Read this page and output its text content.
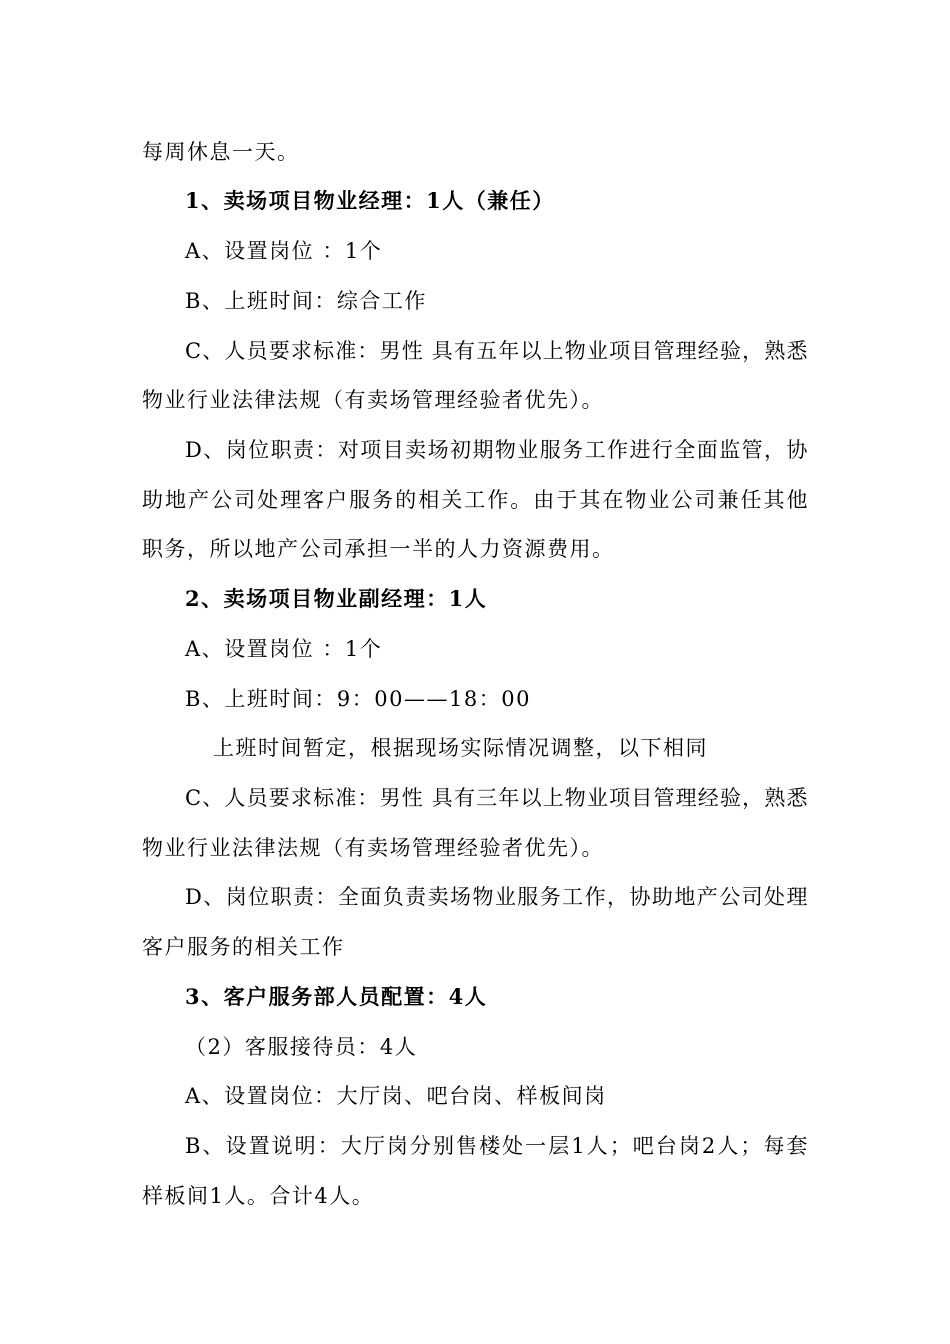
每周休息一天。
1、卖场项目物业经理：1人（兼任）
A、设置岗位 ：1个
B、上班时间：综合工作
C、人员要求标准：男性 具有五年以上物业项目管理经验，熟悉
物业行业法律法规（有卖场管理经验者优先）。
D、岗位职责：对项目卖场初期物业服务工作进行全面监管，协
助地产公司处理客户服务的相关工作。由于其在物业公司兼任其他
职务，所以地产公司承担一半的人力资源费用。
2、卖场项目物业副经理：1人
A、设置岗位 ：1个
B、上班时间：9：00——18：00
上班时间暂定，根据现场实际情况调整，以下相同
C、人员要求标准：男性 具有三年以上物业项目管理经验，熟悉
物业行业法律法规（有卖场管理经验者优先）。
D、岗位职责：全面负责卖场物业服务工作，协助地产公司处理
客户服务的相关工作
3、客户服务部人员配置：4人
（2）客服接待员：4人
A、设置岗位：大厅岗、吧台岗、样板间岗
B、设置说明：大厅岗分别售楼处一层1人；吧台岗2人；每套
样板间1人。合计4人。
